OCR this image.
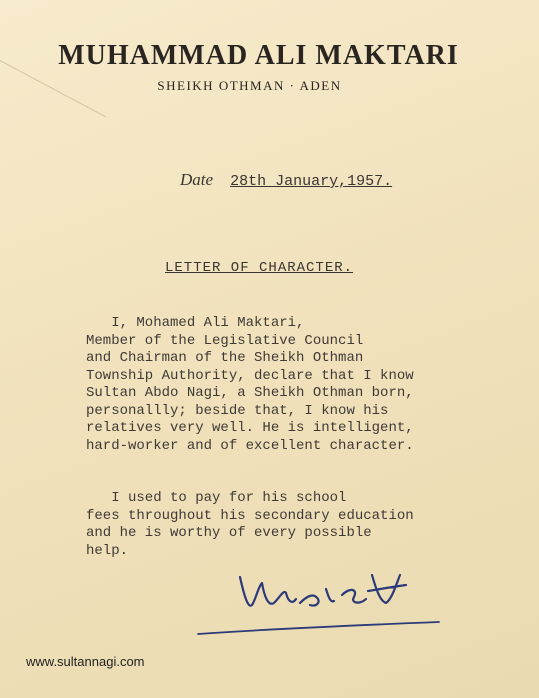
MUHAMMAD ALI MAKTARI
SHEIKH OTHMAN · ADEN
Date 28th January,1957.
LETTER OF CHARACTER.
I, Mohamed Ali Maktari,
Member of the Legislative Council
and Chairman of the Sheikh Othman
Township Authority, declare that I know
Sultan Abdo Nagi, a Sheikh Othman born,
personallly; beside that, I know his
relatives very well. He is intelligent,
hard-worker and of excellent character.
I used to pay for his school
fees throughout his secondary education
and he is worthy of every possible
help.
www.sultannagi.com
